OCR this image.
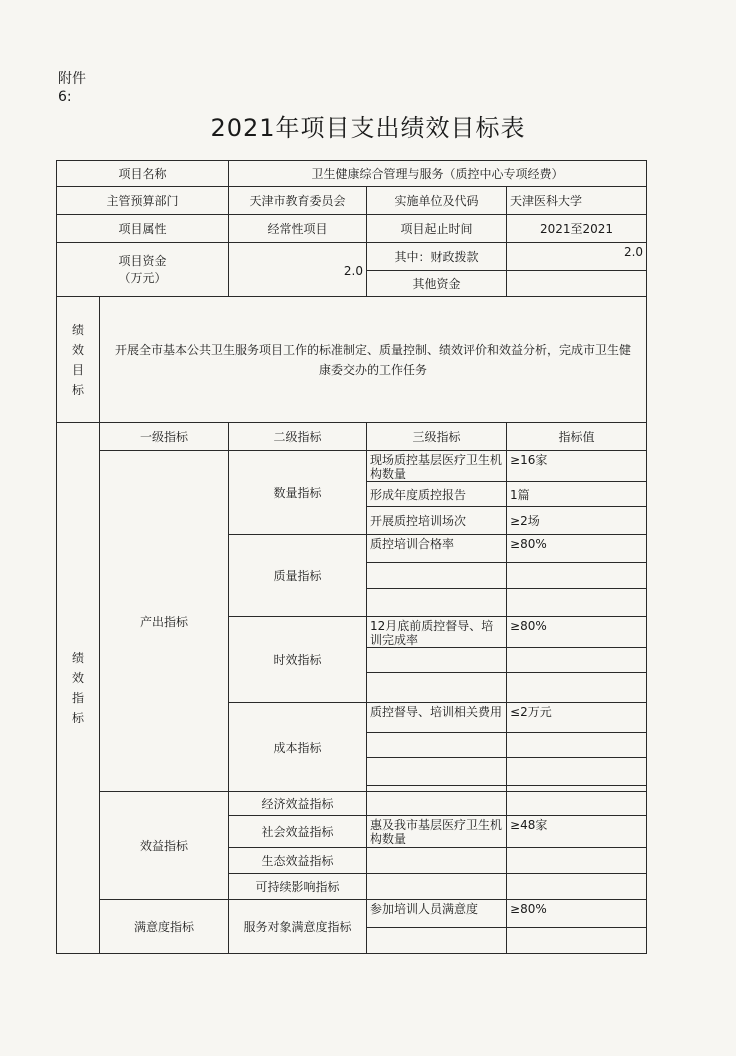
附件6:
2021年项目支出绩效目标表
项目名称		卫生健康综合管理与服务（质控中心专项经费）		
主管预算部门		天津市教育委员会	实施单位及代码	天津医科大学
项目属性		经常性项目	项目起止时间	2021至2021
项目资金
（万元）		2.0	其中：财政拨款	2.0
			其他资金	
绩
效
目
标	开展全市基本公共卫生服务项目工作的标准制定、质量控制、绩效评价和效益分析，完成市卫生健康委交办的工作任务			
绩
效
指
标	一级指标	二级指标	三级指标	指标值
	产出指标	数量指标	现场质控基层医疗卫生机构数量	≥16家
			形成年度质控报告	1篇
			开展质控培训场次	≥2场
		质量指标	质控培训合格率	≥80%

		时效指标	12月底前质控督导、培训完成率	≥80%

		成本指标	质控督导、培训相关费用	≤2万元

	效益指标	经济效益指标		
		社会效益指标	惠及我市基层医疗卫生机构数量	≥48家
		生态效益指标		
		可持续影响指标		
	满意度指标	服务对象满意度指标	参加培训人员满意度	≥80%
